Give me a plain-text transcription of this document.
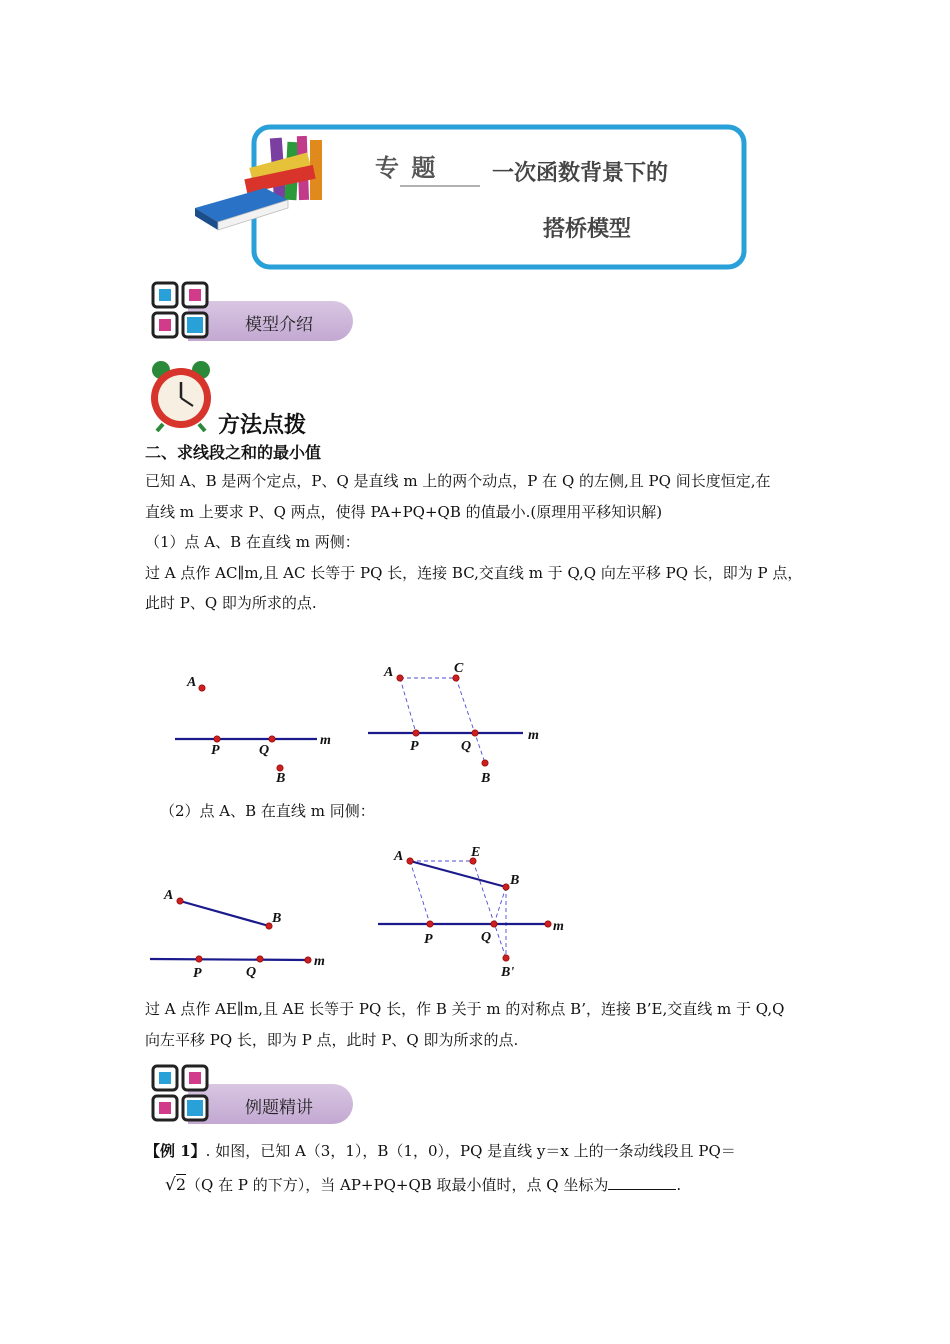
专 题 一次函数背景下的
搭桥模型
模型介绍
方法点拨
二、求线段之和的最小值
已知 A、B 是两个定点，P、Q 是直线 m 上的两个动点，P 在 Q 的左侧,且 PQ 间长度恒定,在
直线 m 上要求 P、Q 两点，使得 PA+PQ+QB 的值最小.(原理用平移知识解)
（1）点 A、B 在直线 m 两侧：
过 A 点作 AC∥m,且 AC 长等于 PQ 长，连接 BC,交直线 m 于 Q,Q 向左平移 PQ 长，即为 P 点，
此时 P、Q 即为所求的点.
A
P	Q
m
B
A	C
P	Q
m
B
（2）点 A、B 在直线 m 同侧：
A
B
P	Q
m
A	E
B
P	Q
m
B'
过 A 点作 AE∥m,且 AE 长等于 PQ 长，作 B 关于 m 的对称点 B’，连接 B’E,交直线 m 于 Q,Q
向左平移 PQ 长，即为 P 点，此时 P、Q 即为所求的点.
例题精讲
【例 1】. 如图，已知 A（3，1），B（1，0），PQ 是直线 y＝x 上的一条动线段且 PQ＝
√2（Q 在 P 的下方），当 AP+PQ+QB 取最小值时，点 Q 坐标为	.
